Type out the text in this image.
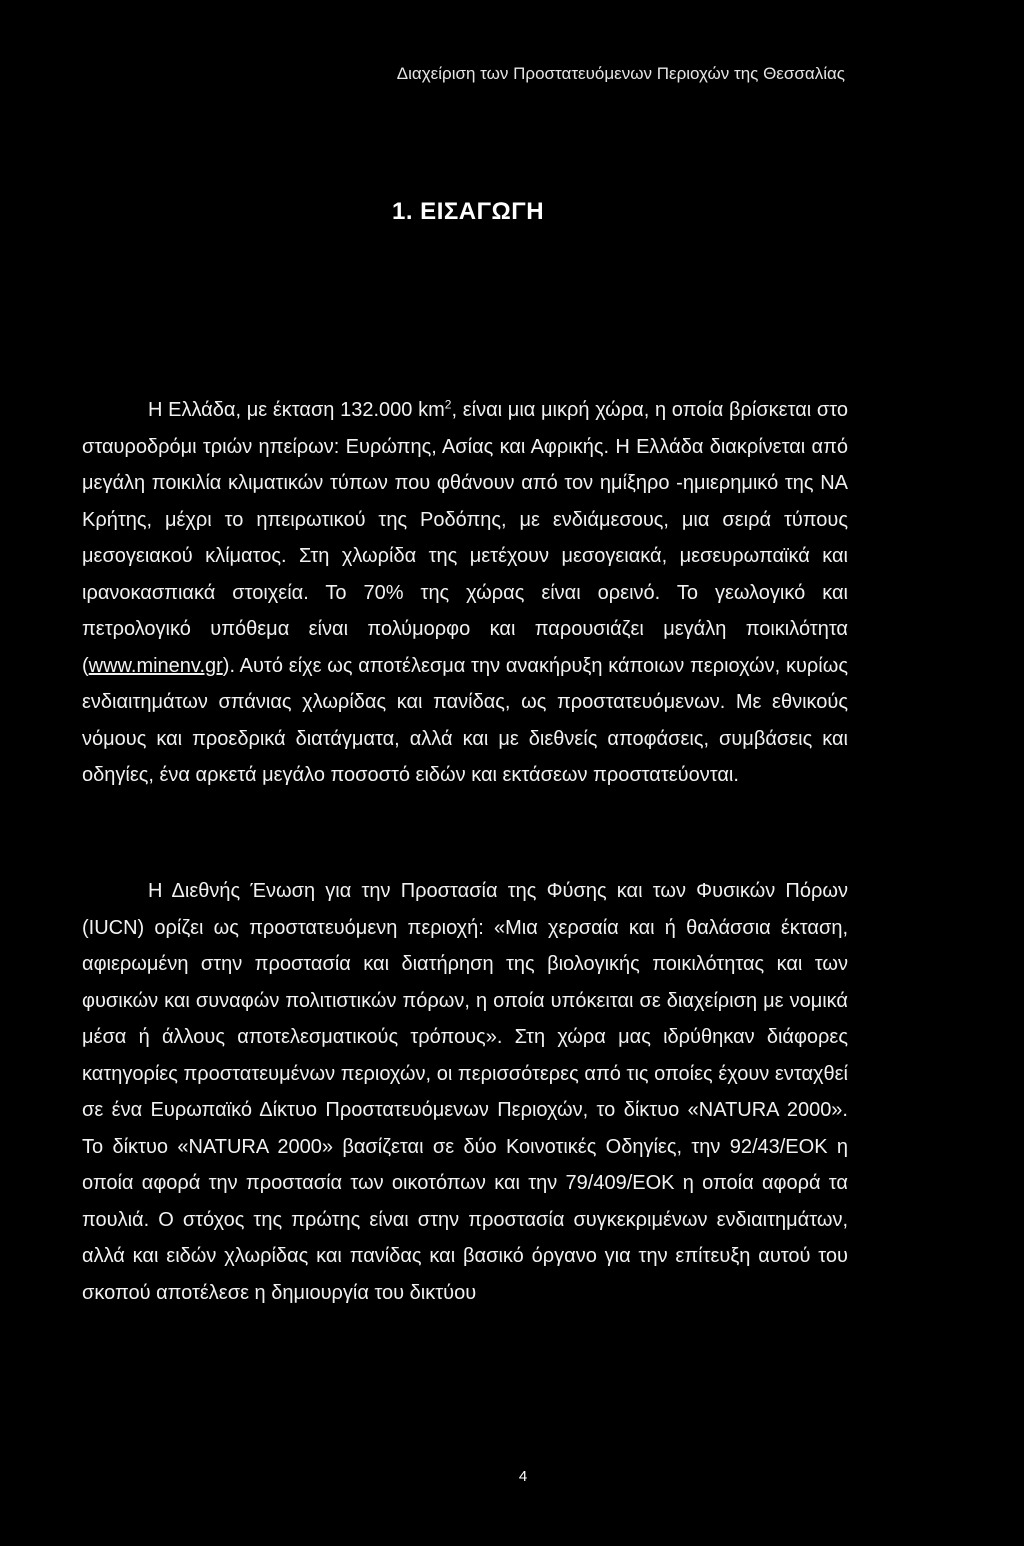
Διαχείριση των Προστατευόμενων Περιοχών της Θεσσαλίας
1. ΕΙΣΑΓΩΓΗ
Η Ελλάδα, με έκταση 132.000 $km^2$, είναι μια μικρή χώρα, η οποία βρίσκεται στο σταυροδρόμι τριών ηπείρων: Ευρώπης, Ασίας και Αφρικής. Η Ελλάδα διακρίνεται από μεγάλη ποικιλία κλιματικών τύπων που φθάνουν από τον ημίξηρο -ημιερημικό της ΝΑ Κρήτης, μέχρι το ηπειρωτικού της Ροδόπης, με ενδιάμεσους, μια σειρά τύπους μεσογειακού κλίματος. Στη χλωρίδα της μετέχουν μεσογειακά, μεσευρωπαϊκά και ιρανοκασπιακά στοιχεία. Το 70% της χώρας είναι ορεινό. Το γεωλογικό και πετρολογικό υπόθεμα είναι πολύμορφο και παρουσιάζει μεγάλη ποικιλότητα (www.minenv.gr). Αυτό είχε ως αποτέλεσμα την ανακήρυξη κάποιων περιοχών, κυρίως ενδιαιτημάτων σπάνιας χλωρίδας και πανίδας, ως προστατευόμενων. Με εθνικούς νόμους και προεδρικά διατάγματα, αλλά και με διεθνείς αποφάσεις, συμβάσεις και οδηγίες, ένα αρκετά μεγάλο ποσοστό ειδών και εκτάσεων προστατεύονται.
Η Διεθνής Ένωση για την Προστασία της Φύσης και των Φυσικών Πόρων (IUCN) ορίζει ως προστατευόμενη περιοχή: «Μια χερσαία και ή θαλάσσια έκταση, αφιερωμένη στην προστασία και διατήρηση της βιολογικής ποικιλότητας και των φυσικών και συναφών πολιτιστικών πόρων, η οποία υπόκειται σε διαχείριση με νομικά μέσα ή άλλους αποτελεσματικούς τρόπους». Στη χώρα μας ιδρύθηκαν διάφορες κατηγορίες προστατευμένων περιοχών, οι περισσότερες από τις οποίες έχουν ενταχθεί σε ένα Ευρωπαϊκό Δίκτυο Προστατευόμενων Περιοχών, το δίκτυο «NATURA 2000». Το δίκτυο «NATURA 2000» βασίζεται σε δύο Κοινοτικές Οδηγίες, την 92/43/ΕΟΚ η οποία αφορά την προστασία των οικοτόπων και την 79/409/ΕΟΚ η οποία αφορά τα πουλιά. Ο στόχος της πρώτης είναι στην προστασία συγκεκριμένων ενδιαιτημάτων, αλλά και ειδών χλωρίδας και πανίδας και βασικό όργανο για την επίτευξη αυτού του σκοπού αποτέλεσε η δημιουργία του δικτύου
4
